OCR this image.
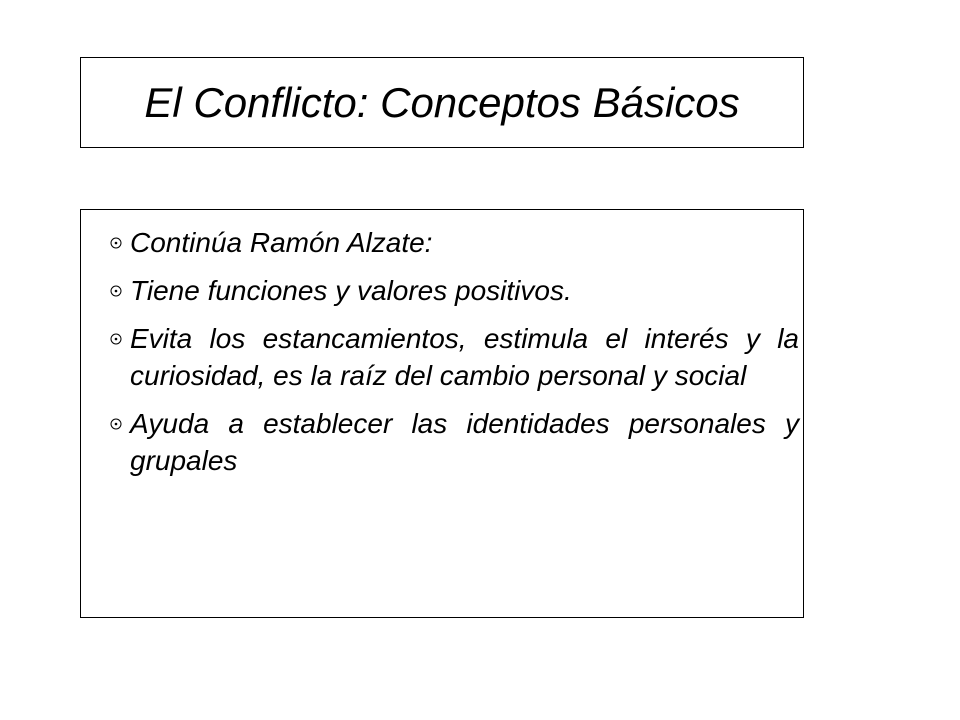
El Conflicto: Conceptos Básicos
Continúa Ramón Alzate:
Tiene funciones y valores positivos.
Evita los estancamientos, estimula el interés y la curiosidad, es la raíz del cambio personal y social
Ayuda a establecer las identidades personales y grupales
